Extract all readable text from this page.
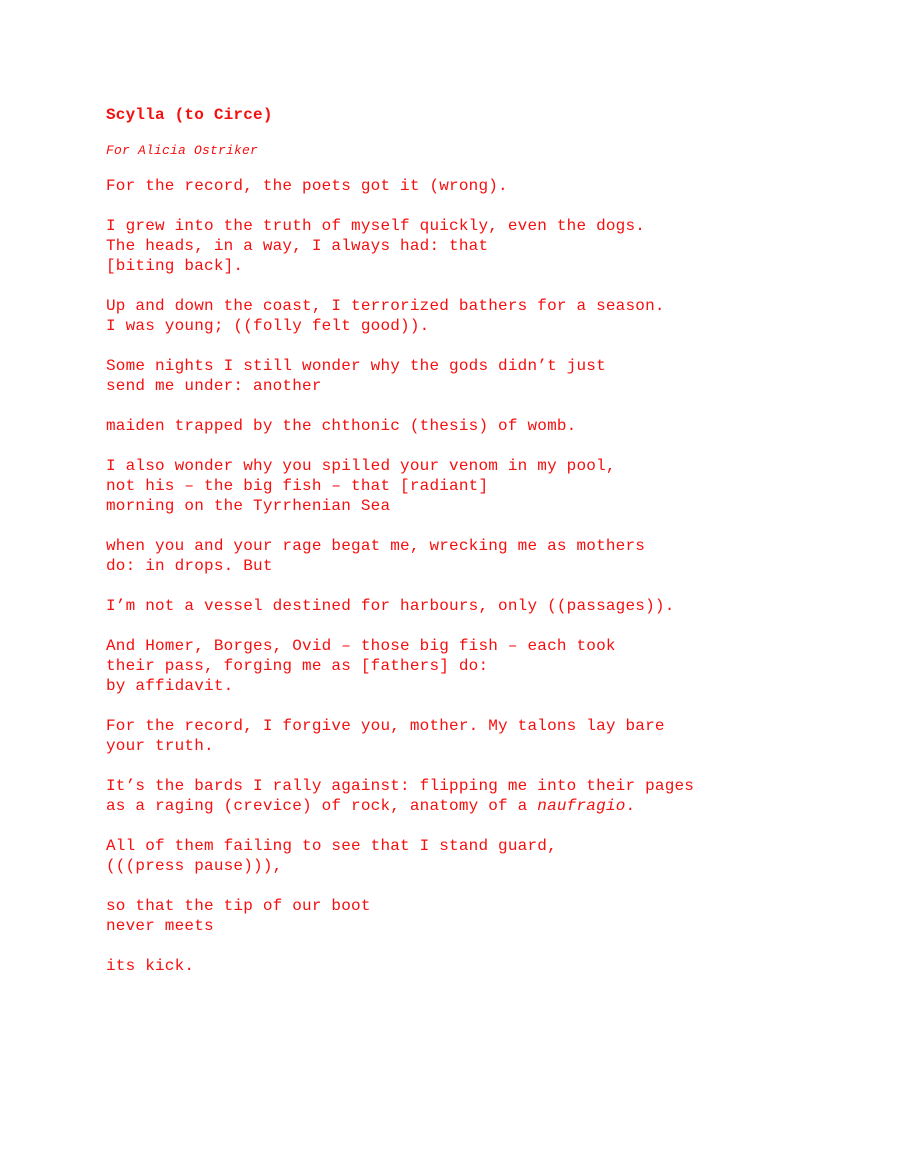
Scylla (to Circe)
For Alicia Ostriker
For the record, the poets got it (wrong).
I grew into the truth of myself quickly, even the dogs.
The heads, in a way, I always had: that
[biting back].
Up and down the coast, I terrorized bathers for a season.
I was young; ((folly felt good)).
Some nights I still wonder why the gods didn’t just
send me under: another
maiden trapped by the chthonic (thesis) of womb.
I also wonder why you spilled your venom in my pool,
not his – the big fish – that [radiant]
morning on the Tyrrhenian Sea
when you and your rage begat me, wrecking me as mothers
do: in drops. But
I’m not a vessel destined for harbours, only ((passages)).
And Homer, Borges, Ovid – those big fish – each took
their pass, forging me as [fathers] do:
by affidavit.
For the record, I forgive you, mother. My talons lay bare
your truth.
It’s the bards I rally against: flipping me into their pages
as a raging (crevice) of rock, anatomy of a naufragio.
All of them failing to see that I stand guard,
(((press pause))),
so that the tip of our boot
never meets
its kick.
